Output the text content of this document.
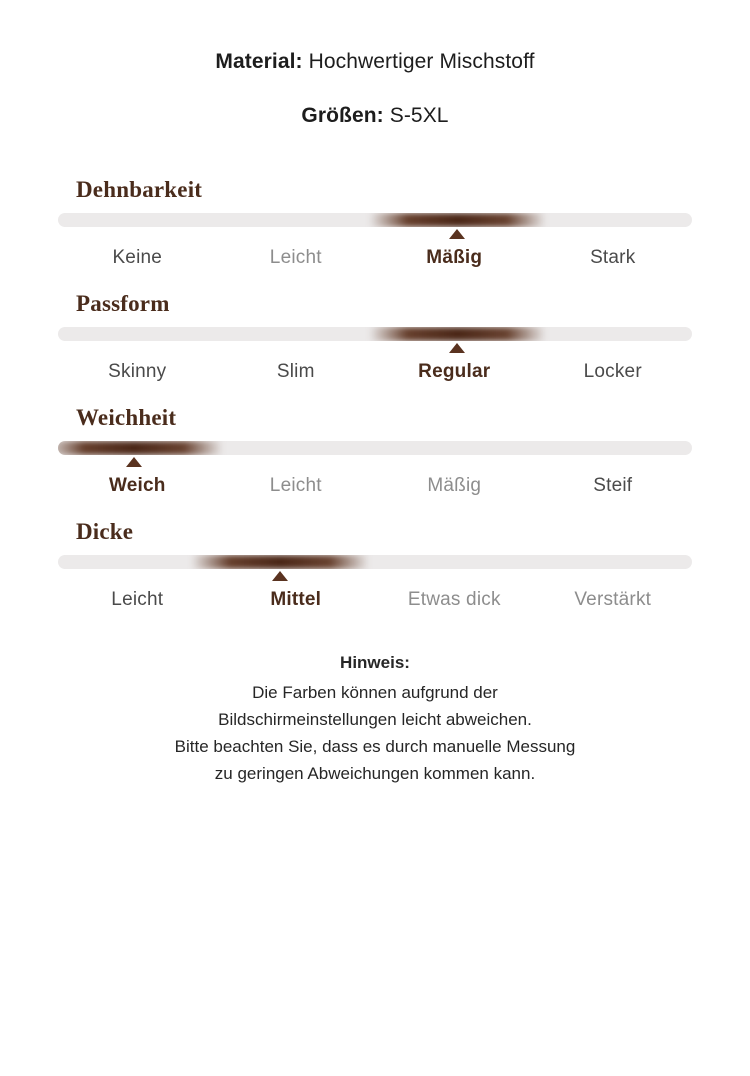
Material: Hochwertiger Mischstoff
Größen: S-5XL
Dehnbarkeit
Keine	Leicht	Mäßig	Stark
Passform
Skinny	Slim	Regular	Locker
Weichheit
Weich	Leicht	Mäßig	Steif
Dicke
Leicht	Mittel	Etwas dick	Verstärkt
Hinweis:
Die Farben können aufgrund der
Bildschirmeinstellungen leicht abweichen.
Bitte beachten Sie, dass es durch manuelle Messung
zu geringen Abweichungen kommen kann.
